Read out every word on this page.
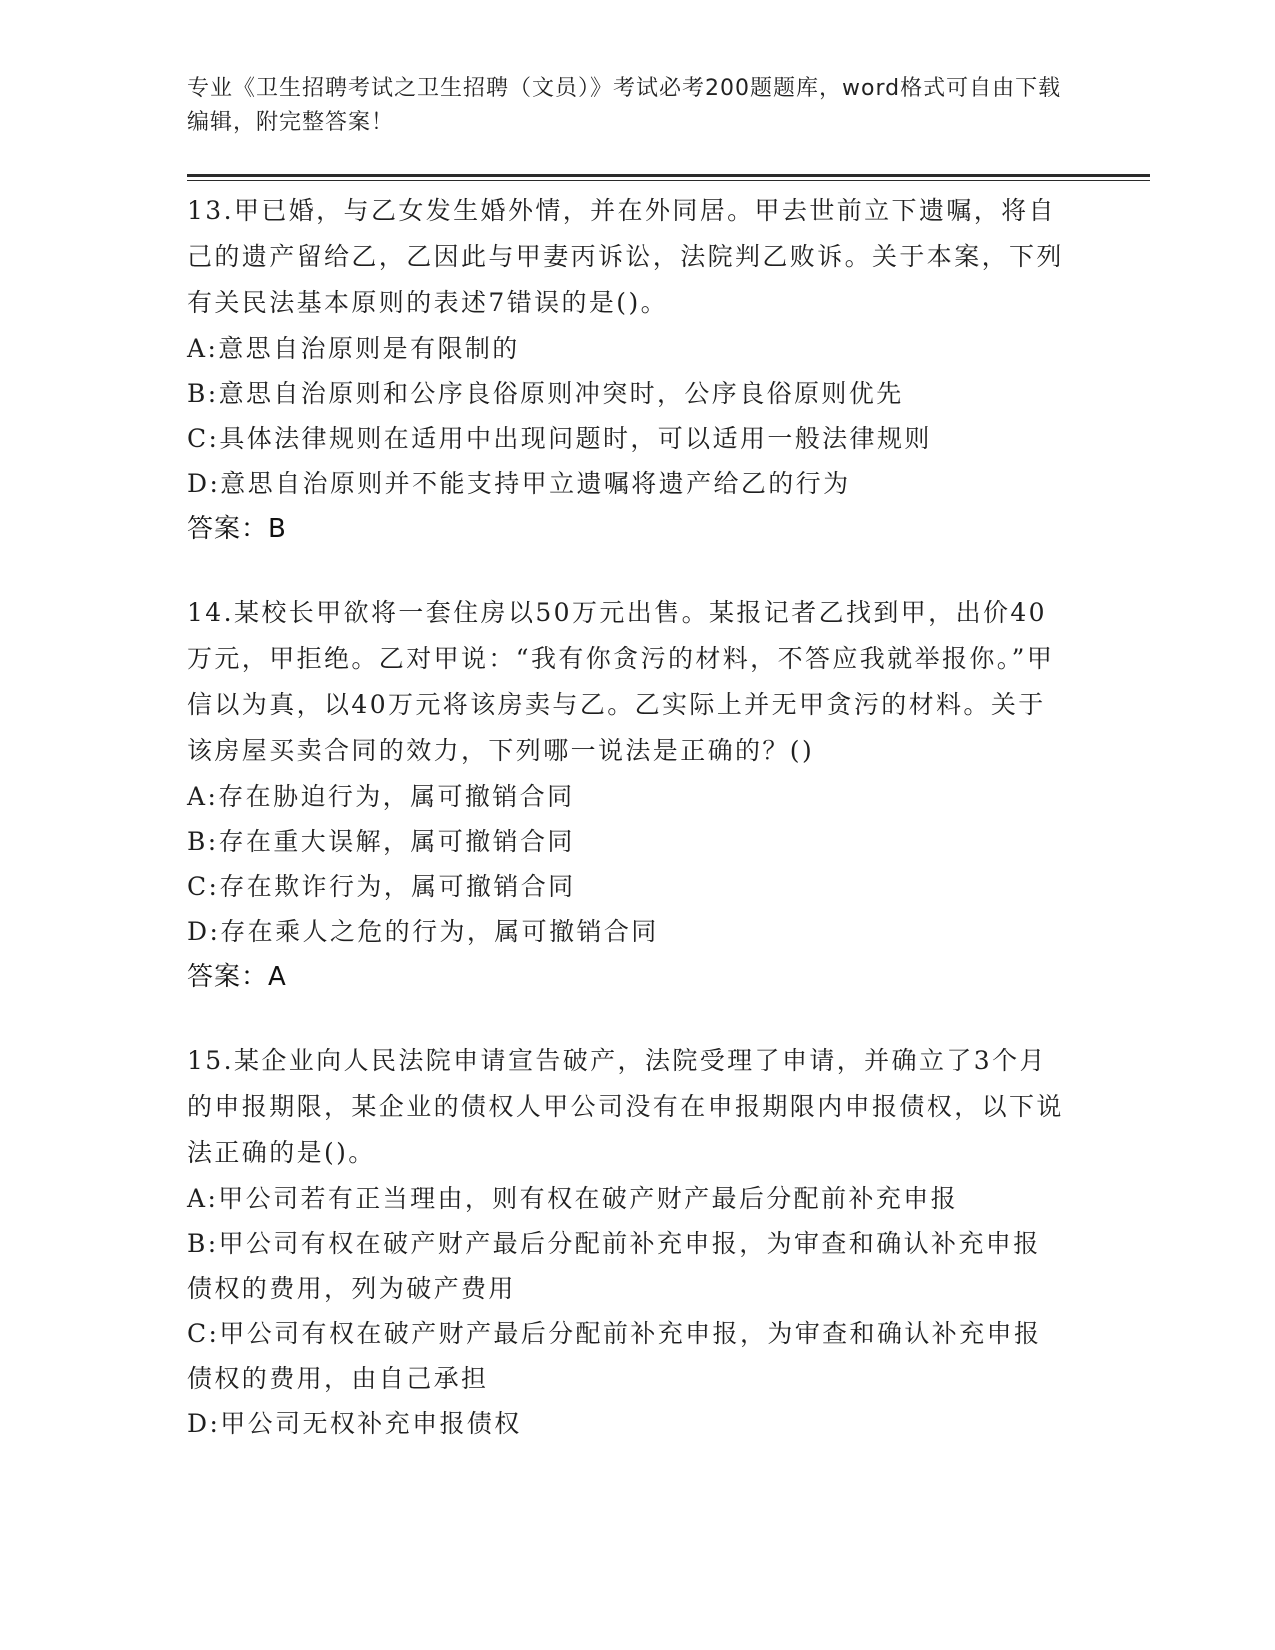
专业《卫生招聘考试之卫生招聘（文员）》考试必考200题题库，word格式可自由下载编辑，附完整答案！
13.甲已婚，与乙女发生婚外情，并在外同居。甲去世前立下遗嘱，将自己的遗产留给乙，乙因此与甲妻丙诉讼，法院判乙败诉。关于本案，下列有关民法基本原则的表述7错误的是()。
A:意思自治原则是有限制的
B:意思自治原则和公序良俗原则冲突时，公序良俗原则优先
C:具体法律规则在适用中出现问题时，可以适用一般法律规则
D:意思自治原则并不能支持甲立遗嘱将遗产给乙的行为
答案：B
14.某校长甲欲将一套住房以50万元出售。某报记者乙找到甲，出价40万元，甲拒绝。乙对甲说：“我有你贪污的材料，不答应我就举报你。”甲信以为真，以40万元将该房卖与乙。乙实际上并无甲贪污的材料。关于该房屋买卖合同的效力，下列哪一说法是正确的？()
A:存在胁迫行为，属可撤销合同
B:存在重大误解，属可撤销合同
C:存在欺诈行为，属可撤销合同
D:存在乘人之危的行为，属可撤销合同
答案：A
15.某企业向人民法院申请宣告破产，法院受理了申请，并确立了3个月的申报期限，某企业的债权人甲公司没有在申报期限内申报债权，以下说法正确的是()。
A:甲公司若有正当理由，则有权在破产财产最后分配前补充申报
B:甲公司有权在破产财产最后分配前补充申报，为审查和确认补充申报债权的费用，列为破产费用
C:甲公司有权在破产财产最后分配前补充申报，为审查和确认补充申报债权的费用，由自己承担
D:甲公司无权补充申报债权
